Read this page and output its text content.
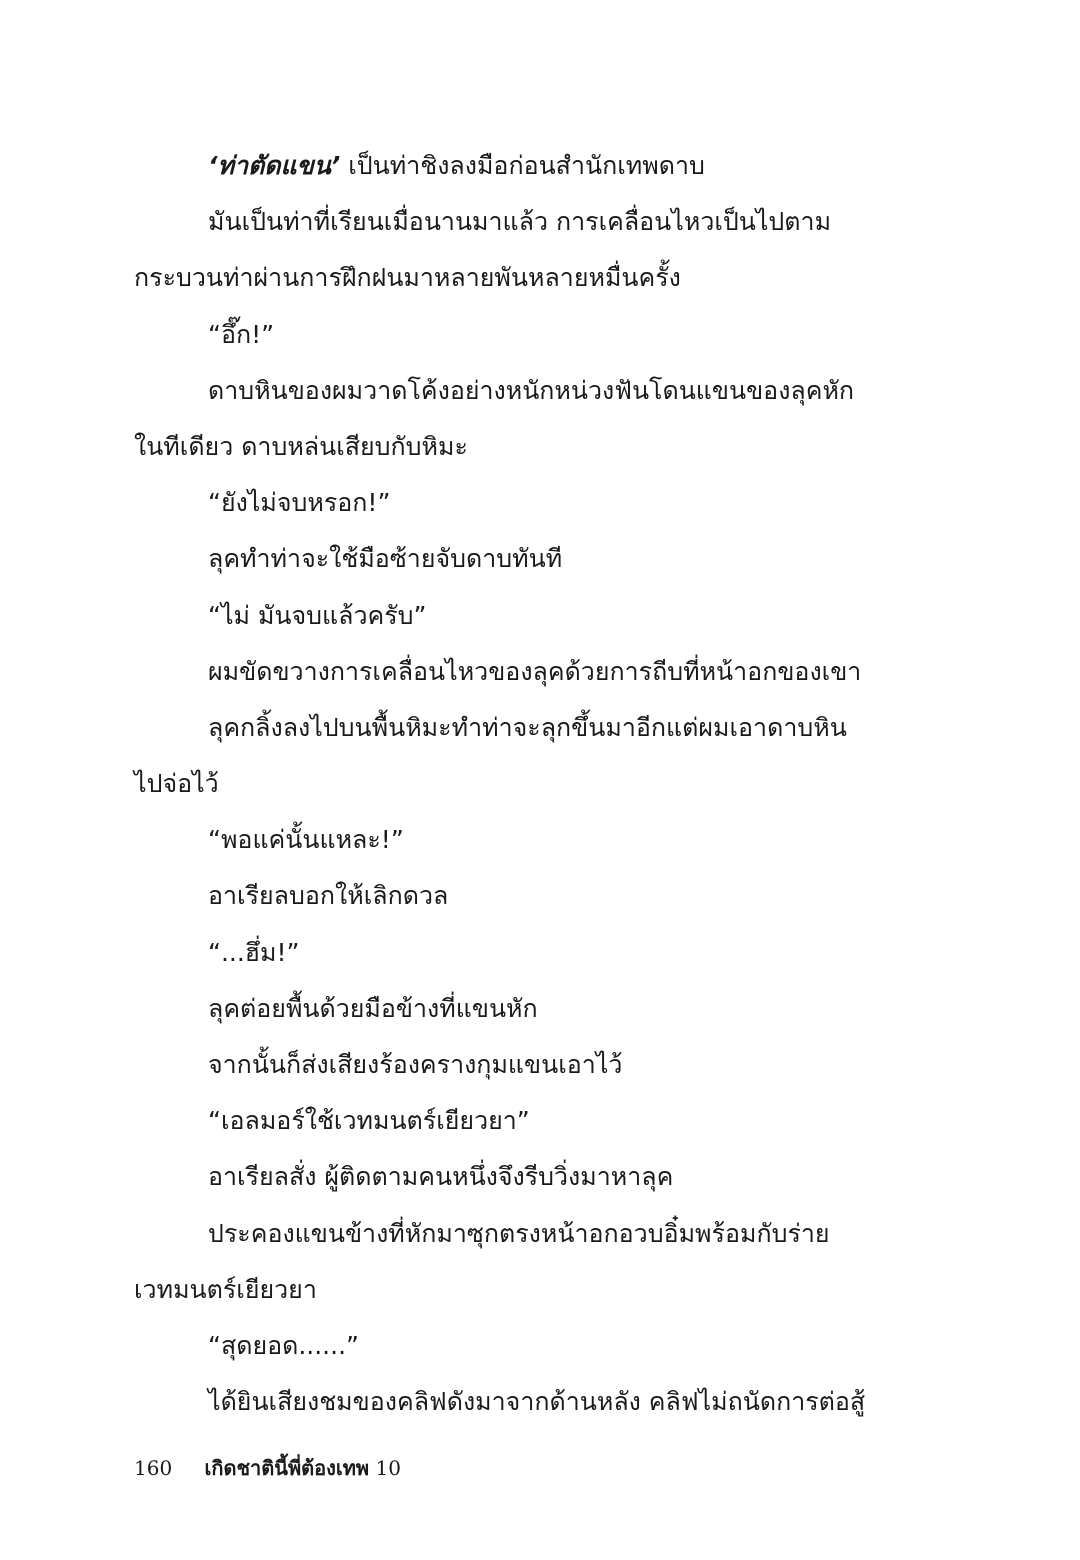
‘ท่าตัดแขน’ เป็นท่าชิงลงมือก่อนสำนักเทพดาบ
มันเป็นท่าที่เรียนเมื่อนานมาแล้ว การเคลื่อนไหวเป็นไปตาม
กระบวนท่าผ่านการฝึกฝนมาหลายพันหลายหมื่นครั้ง
“อึ๊ก!”
ดาบหินของผมวาดโค้งอย่างหนักหน่วงฟันโดนแขนของลุคหัก
ในทีเดียว ดาบหล่นเสียบกับหิมะ
“ยังไม่จบหรอก!”
ลุคทำท่าจะใช้มือซ้ายจับดาบทันที
“ไม่ มันจบแล้วครับ”
ผมขัดขวางการเคลื่อนไหวของลุคด้วยการถีบที่หน้าอกของเขา
ลุคกลิ้งลงไปบนพื้นหิมะทำท่าจะลุกขึ้นมาอีกแต่ผมเอาดาบหิน
ไปจ่อไว้
“พอแค่นั้นแหละ!”
อาเรียลบอกให้เลิกดวล
“...ฮึ่ม!”
ลุคต่อยพื้นด้วยมือข้างที่แขนหัก
จากนั้นก็ส่งเสียงร้องครางกุมแขนเอาไว้
“เอลมอร์ใช้เวทมนตร์เยียวยา”
อาเรียลสั่ง ผู้ติดตามคนหนึ่งจึงรีบวิ่งมาหาลุค
ประคองแขนข้างที่หักมาซุกตรงหน้าอกอวบอิ๋มพร้อมกับร่าย
เวทมนตร์เยียวยา
“สุดยอด......”
ได้ยินเสียงชมของคลิฟดังมาจากด้านหลัง คลิฟไม่ถนัดการต่อสู้
160 เกิดชาตินี้พี่ต้องเทพ 10
